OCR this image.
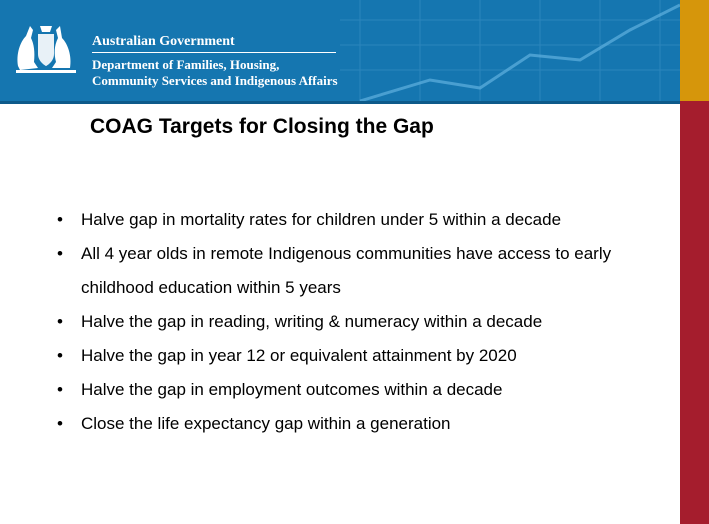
Australian Government
Department of Families, Housing,
Community Services and Indigenous Affairs
COAG Targets for Closing the Gap
• Halve gap in mortality rates for children under 5 within a decade
• All 4 year olds in remote Indigenous communities have access to early childhood education within 5 years
• Halve the gap in reading, writing & numeracy within a decade
• Halve the gap in year 12 or equivalent attainment by 2020
• Halve the gap in employment outcomes within a decade
• Close the life expectancy gap within a generation
